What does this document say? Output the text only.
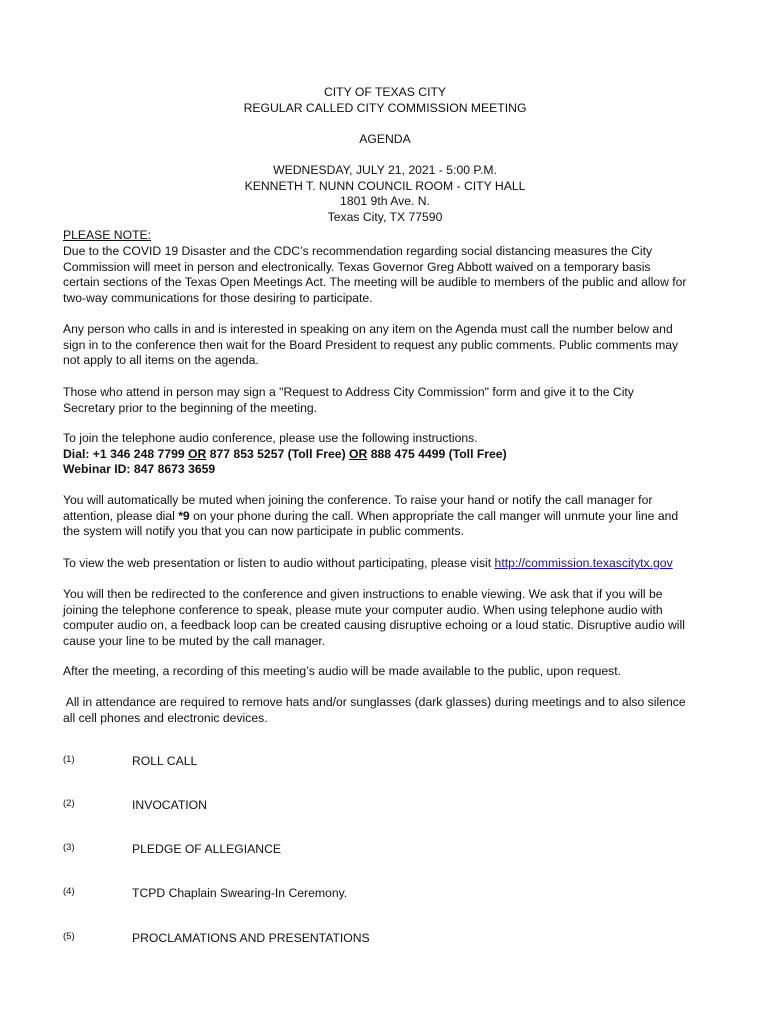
CITY OF TEXAS CITY
REGULAR CALLED CITY COMMISSION MEETING
AGENDA
WEDNESDAY, JULY 21, 2021 - 5:00 P.M.
KENNETH T. NUNN COUNCIL ROOM - CITY HALL
1801 9th Ave. N.
Texas City, TX 77590
PLEASE NOTE:
Due to the COVID 19 Disaster and the CDC’s recommendation regarding social distancing measures the City
Commission will meet in person and electronically. Texas Governor Greg Abbott waived on a temporary basis
certain sections of the Texas Open Meetings Act. The meeting will be audible to members of the public and allow for
two-way communications for those desiring to participate.
Any person who calls in and is interested in speaking on any item on the Agenda must call the number below and
sign in to the conference then wait for the Board President to request any public comments. Public comments may
not apply to all items on the agenda.
Those who attend in person may sign a "Request to Address City Commission" form and give it to the City
Secretary prior to the beginning of the meeting.
To join the telephone audio conference, please use the following instructions.
Dial: +1 346 248 7799 OR 877 853 5257 (Toll Free) OR 888 475 4499 (Toll Free)
Webinar ID: 847 8673 3659
You will automatically be muted when joining the conference. To raise your hand or notify the call manager for
attention, please dial *9 on your phone during the call. When appropriate the call manger will unmute your line and
the system will notify you that you can now participate in public comments.
To view the web presentation or listen to audio without participating, please visit http://commission.texascitytx.gov
You will then be redirected to the conference and given instructions to enable viewing. We ask that if you will be
joining the telephone conference to speak, please mute your computer audio. When using telephone audio with
computer audio on, a feedback loop can be created causing disruptive echoing or a loud static. Disruptive audio will
cause your line to be muted by the call manager.
After the meeting, a recording of this meeting’s audio will be made available to the public, upon request.
All in attendance are required to remove hats and/or sunglasses (dark glasses) during meetings and to also silence
all cell phones and electronic devices.
(1)	ROLL CALL
(2)	INVOCATION
(3)	PLEDGE OF ALLEGIANCE
(4)	TCPD Chaplain Swearing-In Ceremony.
(5)	PROCLAMATIONS AND PRESENTATIONS
